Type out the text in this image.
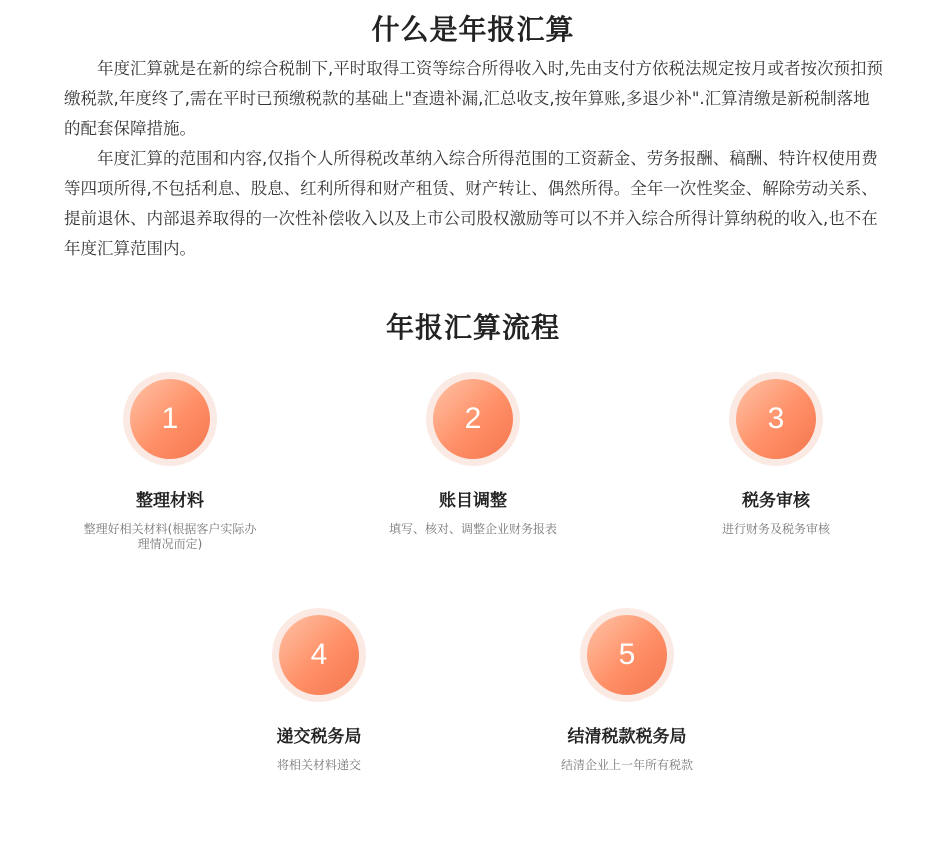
什么是年报汇算

年度汇算就是在新的综合税制下,平时取得工资等综合所得收入时,先由支付方依税法规定按月或者按次预扣预缴税款,年度终了,需在平时已预缴税款的基础上"查遗补漏,汇总收支,按年算账,多退少补".汇算清缴是新税制落地的配套保障措施。

年度汇算的范围和内容,仅指个人所得税改革纳入综合所得范围的工资薪金、劳务报酬、稿酬、特许权使用费等四项所得,不包括利息、股息、红利所得和财产租赁、财产转让、偶然所得。全年一次性奖金、解除劳动关系、提前退休、内部退养取得的一次性补偿收入以及上市公司股权激励等可以不并入综合所得计算纳税的收入,也不在年度汇算范围内。

年报汇算流程
1
整理材料
整理好相关材料(根据客户实际办理情况而定)
2
账目调整
填写、核对、调整企业财务报表
3
税务审核
进行财务及税务审核
4
递交税务局
将相关材料递交
5
结清税款税务局
结清企业上一年所有税款
